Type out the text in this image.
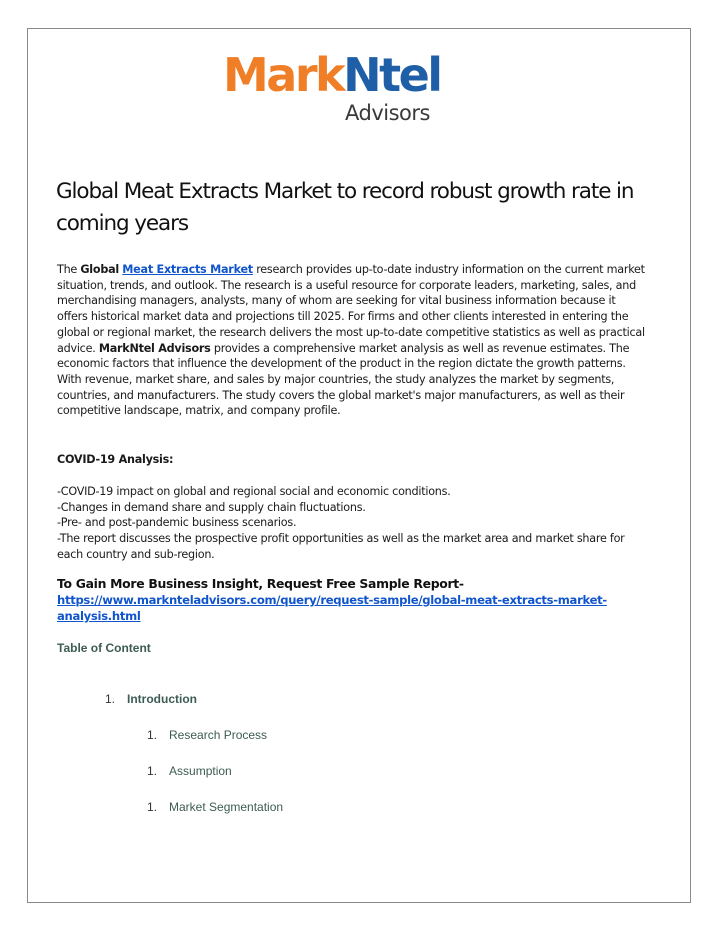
MarkNtel
Advisors
Global Meat Extracts Market to record robust growth rate in coming years

The Global Meat Extracts Market research provides up-to-date industry information on the current market situation, trends, and outlook. The research is a useful resource for corporate leaders, marketing, sales, and merchandising managers, analysts, many of whom are seeking for vital business information because it offers historical market data and projections till 2025. For firms and other clients interested in entering the global or regional market, the research delivers the most up-to-date competitive statistics as well as practical advice. MarkNtel Advisors provides a comprehensive market analysis as well as revenue estimates. The economic factors that influence the development of the product in the region dictate the growth patterns. With revenue, market share, and sales by major countries, the study analyzes the market by segments, countries, and manufacturers. The study covers the global market's major manufacturers, as well as their competitive landscape, matrix, and company profile.

COVID-19 Analysis:

-COVID-19 impact on global and regional social and economic conditions.
-Changes in demand share and supply chain fluctuations.
-Pre- and post-pandemic business scenarios.
-The report discusses the prospective profit opportunities as well as the market area and market share for each country and sub-region.
To Gain More Business Insight, Request Free Sample Report-
https://www.marknteladvisors.com/query/request-sample/global-meat-extracts-market-analysis.html
Table of Content
1. Introduction
1. Research Process
1. Assumption
1. Market Segmentation
